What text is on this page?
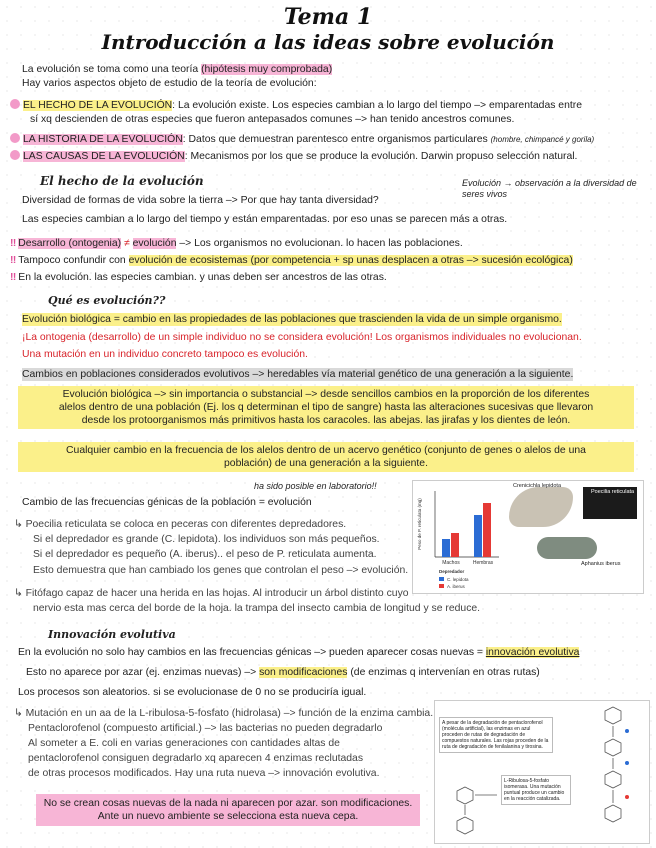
Tema 1
Introducción a las ideas sobre evolución
La evolución se toma como una teoría (hipótesis muy comprobada)
Hay varios aspectos objeto de estudio de la teoría de evolución:
EL HECHO DE LA EVOLUCIÓN: La evolución existe. Los especies cambian a lo largo del tiempo –> emparentadas entre
sí xq descienden de otras especies que fueron antepasados comunes –> han tenido ancestros comunes.
LA HISTORIA DE LA EVOLUCIÓN: Datos que demuestran parentesco entre organismos particulares (hombre, chimpancé y gorila)
LAS CAUSAS DE LA EVOLUCIÓN: Mecanismos por los que se produce la evolución. Darwin propuso selección natural.
El hecho de la evolución	Evolución → observación a la diversidad de seres vivos
Diversidad de formas de vida sobre la tierra –> Por que hay tanta diversidad?
Las especies cambian a lo largo del tiempo y están emparentadas. por eso unas se parecen más a otras.
‼ Desarrollo (ontogenia) ≠ evolución –> Los organismos no evolucionan. lo hacen las poblaciones.
‼ Tampoco confundir con evolución de ecosistemas (por competencia + sp unas desplacen a otras –> sucesión ecológica)
‼ En la evolución. las especies cambian. y unas deben ser ancestros de las otras.
Qué es evolución??
Evolución biológica = cambio en las propiedades de las poblaciones que trascienden la vida de un simple organismo.
¡La ontogenia (desarrollo) de un simple individuo no se considera evolución! Los organismos individuales no evolucionan.
Una mutación en un individuo concreto tampoco es evolución.
Cambios en poblaciones considerados evolutivos –> heredables vía material genético de una generación a la siguiente.
Evolución biológica –> sin importancia o substancial –> desde sencillos cambios en la proporción de los diferentes
alelos dentro de una población (Ej. los q determinan el tipo de sangre) hasta las alteraciones sucesivas que llevaron
desde los protoorganismos más primitivos hasta los caracoles. las abejas. las jirafas y los dientes de león.
Cualquier cambio en la frecuencia de los alelos dentro de un acervo genético (conjunto de genes o alelos de una
población) de una generación a la siguiente.
ha sido posible en laboratorio!!
Cambio de las frecuencias génicas de la población = evolución
↳ Poecilia reticulata se coloca en peceras con diferentes depredadores.
Si el depredador es grande (C. lepidota). los individuos son más pequeños.
Si el depredador es pequeño (A. iberus).. el peso de P. reticulata aumenta.
Esto demuestra que han cambiado los genes que controlan el peso –> evolución.
↳ Fitófago capaz de hacer una herida en las hojas. Al introducir un árbol distinto cuyo
nervio esta mas cerca del borde de la hoja. la trampa del insecto cambia de longitud y se reduce.
Peso de P. reticulata (mg)
Machos	Hembras
Depredador
C. lepidota
A. iberus
Crenicichla lepidota
Poecilia reticulata
Aphanius iberus
Innovación evolutiva
En la evolución no solo hay cambios en las frecuencias génicas –> pueden aparecer cosas nuevas = innovación evolutiva
Esto no aparece por azar (ej. enzimas nuevas) –> son modificaciones (de enzimas q intervenían en otras rutas)
Los procesos son aleatorios. si se evolucionase de 0 no se produciría igual.
↳ Mutación en un aa de la L-ribulosa-5-fosfato (hidrolasa) –> función de la enzima cambia.
Pentaclorofenol (compuesto artificial.) –> las bacterias no pueden degradarlo
Al someter a E. coli en varias generaciones con cantidades altas de
pentaclorofenol consiguen degradarlo xq aparecen 4 enzimas reclutadas
de otras procesos modificados. Hay una ruta nueva –> innovación evolutiva.
No se crean cosas nuevas de la nada ni aparecen por azar. son modificaciones.
Ante un nuevo ambiente se selecciona esta nueva cepa.
A pesar de la degradación de pentaclorofenol (molécula artificial), las enzimas en azul proceden de rutas de degradación de compuestos naturales. Las rojas proceden de la ruta de degradación de fenilalanina y tirosina.
L-Ribulosa-5-fosfato isomerasa. Una mutación puntual produce un cambio en la reacción catalizada.
